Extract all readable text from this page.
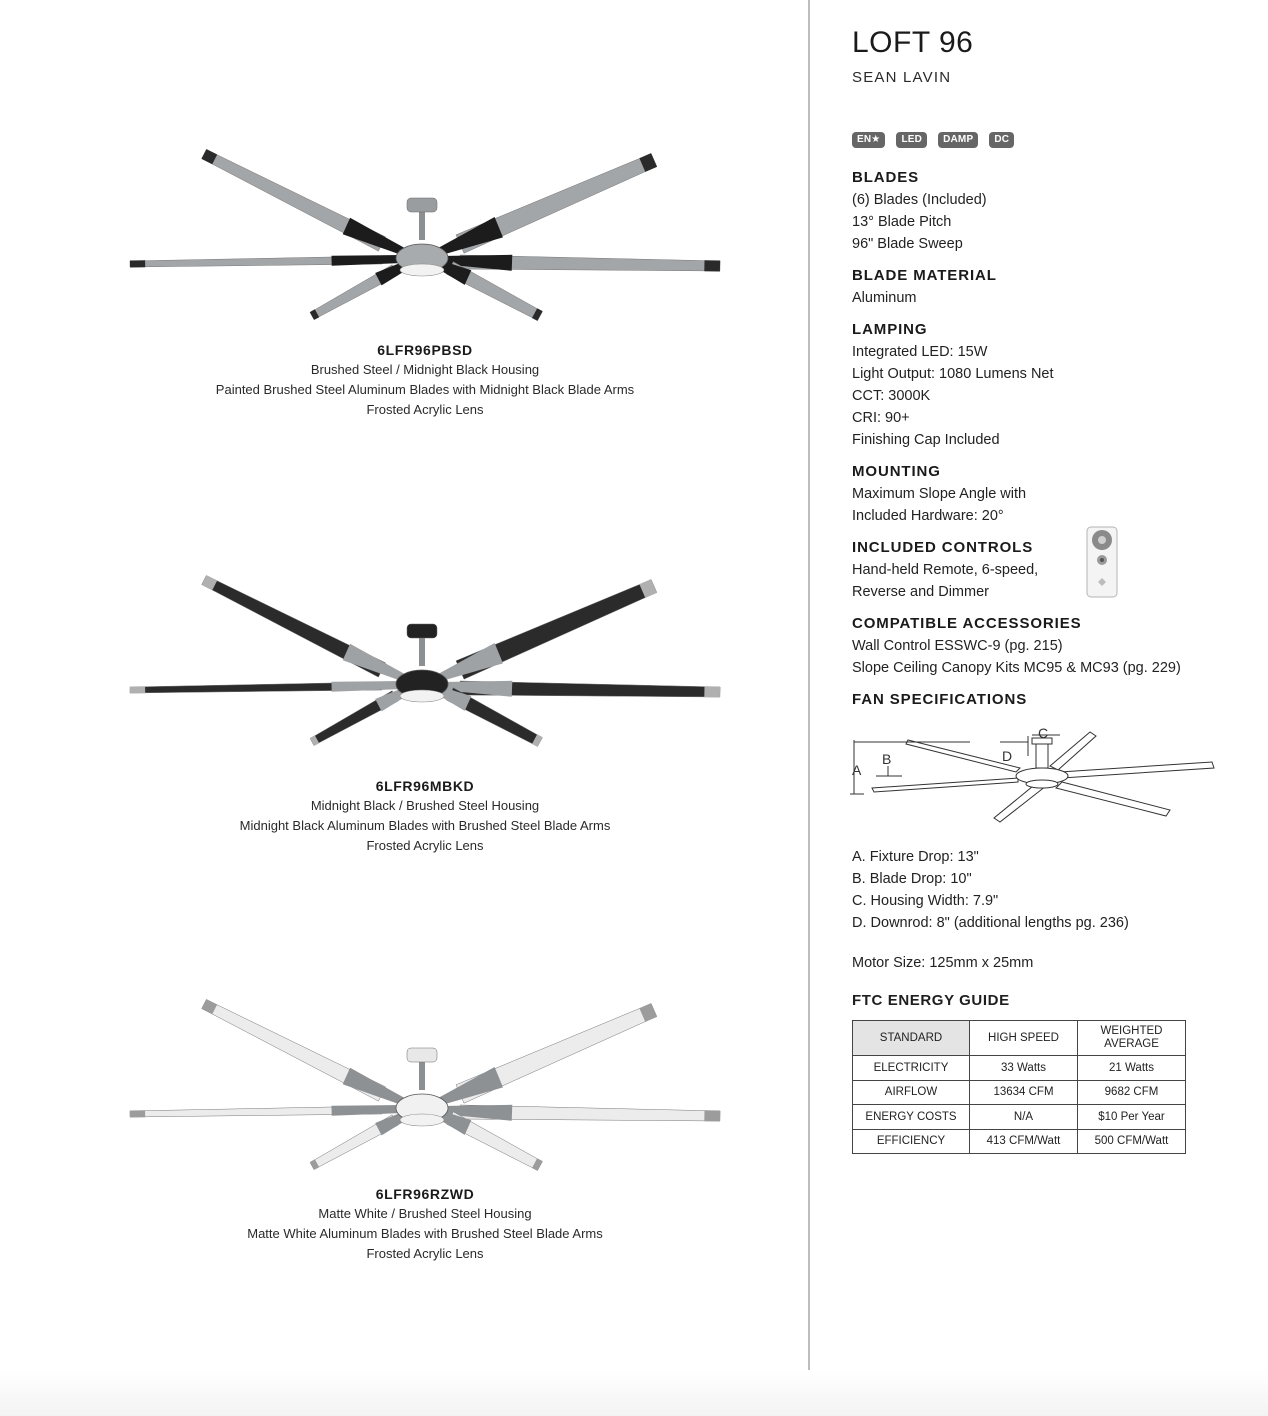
6LFR96PBSD
Brushed Steel / Midnight Black Housing
Painted Brushed Steel Aluminum Blades with Midnight Black Blade Arms
Frosted Acrylic Lens
6LFR96MBKD
Midnight Black / Brushed Steel Housing
Midnight Black Aluminum Blades with Brushed Steel Blade Arms
Frosted Acrylic Lens
6LFR96RZWD
Matte White / Brushed Steel Housing
Matte White Aluminum Blades with Brushed Steel Blade Arms
Frosted Acrylic Lens
LOFT 96
SEAN LAVIN
EN★	LED	DAMP	DC
BLADES
(6) Blades (Included)
13° Blade Pitch
96" Blade Sweep
BLADE MATERIAL
Aluminum
LAMPING
Integrated LED: 15W
Light Output: 1080 Lumens Net
CCT: 3000K
CRI: 90+
Finishing Cap Included
MOUNTING
Maximum Slope Angle with
Included Hardware: 20°
INCLUDED CONTROLS
Hand-held Remote, 6-speed,
Reverse and Dimmer
COMPATIBLE ACCESSORIES
Wall Control ESSWC-9 (pg. 215)
Slope Ceiling Canopy Kits MC95 & MC93 (pg. 229)
FAN SPECIFICATIONS
A
B
C
D
A. Fixture Drop: 13"
B. Blade Drop: 10"
C. Housing Width: 7.9"
D. Downrod: 8" (additional lengths pg. 236)
Motor Size: 125mm x 25mm
FTC ENERGY GUIDE
STANDARD	HIGH SPEED	WEIGHTED
AVERAGE
ELECTRICITY	33 Watts	21 Watts
AIRFLOW	13634 CFM	9682 CFM
ENERGY COSTS	N/A	$10 Per Year
EFFICIENCY	413 CFM/Watt	500 CFM/Watt
